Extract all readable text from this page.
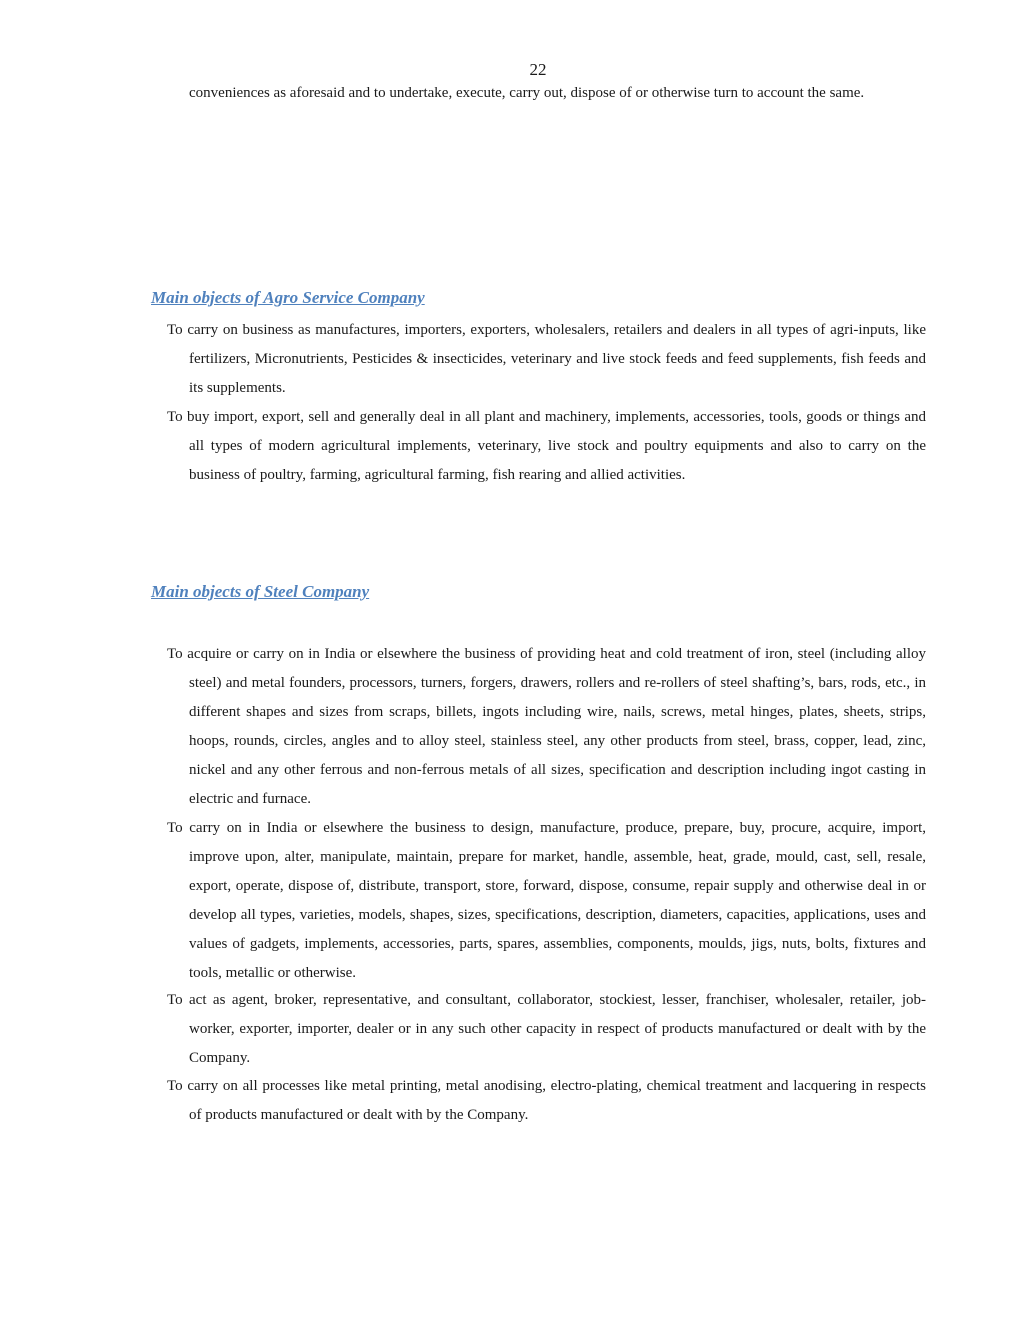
22

conveniences as aforesaid and to undertake, execute, carry out, dispose of or otherwise turn to account the same.

Main objects of Agro Service Company

To carry on business as manufactures, importers, exporters, wholesalers, retailers and dealers in all types of agri-inputs, like fertilizers, Micronutrients, Pesticides & insecticides, veterinary and live stock feeds and feed supplements, fish feeds and its supplements.

To buy import, export, sell and generally deal in all plant and machinery, implements, accessories, tools, goods or things and all types of modern agricultural implements, veterinary, live stock and poultry equipments and also to carry on the business of poultry, farming, agricultural farming, fish rearing and allied activities.

Main objects of Steel Company

To acquire or carry on in India or elsewhere the business of providing heat and cold treatment of iron, steel (including alloy steel) and metal founders, processors, turners, forgers, drawers, rollers and re-rollers of steel shafting’s, bars, rods, etc., in different shapes and sizes from scraps, billets, ingots including wire, nails, screws, metal hinges, plates, sheets, strips, hoops, rounds, circles, angles and to alloy steel, stainless steel, any other products from steel, brass, copper, lead, zinc, nickel and any other ferrous and non-ferrous metals of all sizes, specification and description including ingot casting in electric and furnace.

To carry on in India or elsewhere the business to design, manufacture, produce, prepare, buy, procure, acquire, import, improve upon, alter, manipulate, maintain, prepare for market, handle, assemble, heat, grade, mould, cast, sell, resale, export, operate, dispose of, distribute, transport, store, forward, dispose, consume, repair supply and otherwise deal in or develop all types, varieties, models, shapes, sizes, specifications, description, diameters, capacities, applications, uses and values of gadgets, implements, accessories, parts, spares, assemblies, components, moulds, jigs, nuts, bolts, fixtures and tools, metallic or otherwise.

To act as agent, broker, representative, and consultant, collaborator, stockiest, lesser, franchiser, wholesaler, retailer, job-worker, exporter, importer, dealer or in any such other capacity in respect of products manufactured or dealt with by the Company.

To carry on all processes like metal printing, metal anodising, electro-plating, chemical treatment and lacquering in respects of products manufactured or dealt with by the Company.
